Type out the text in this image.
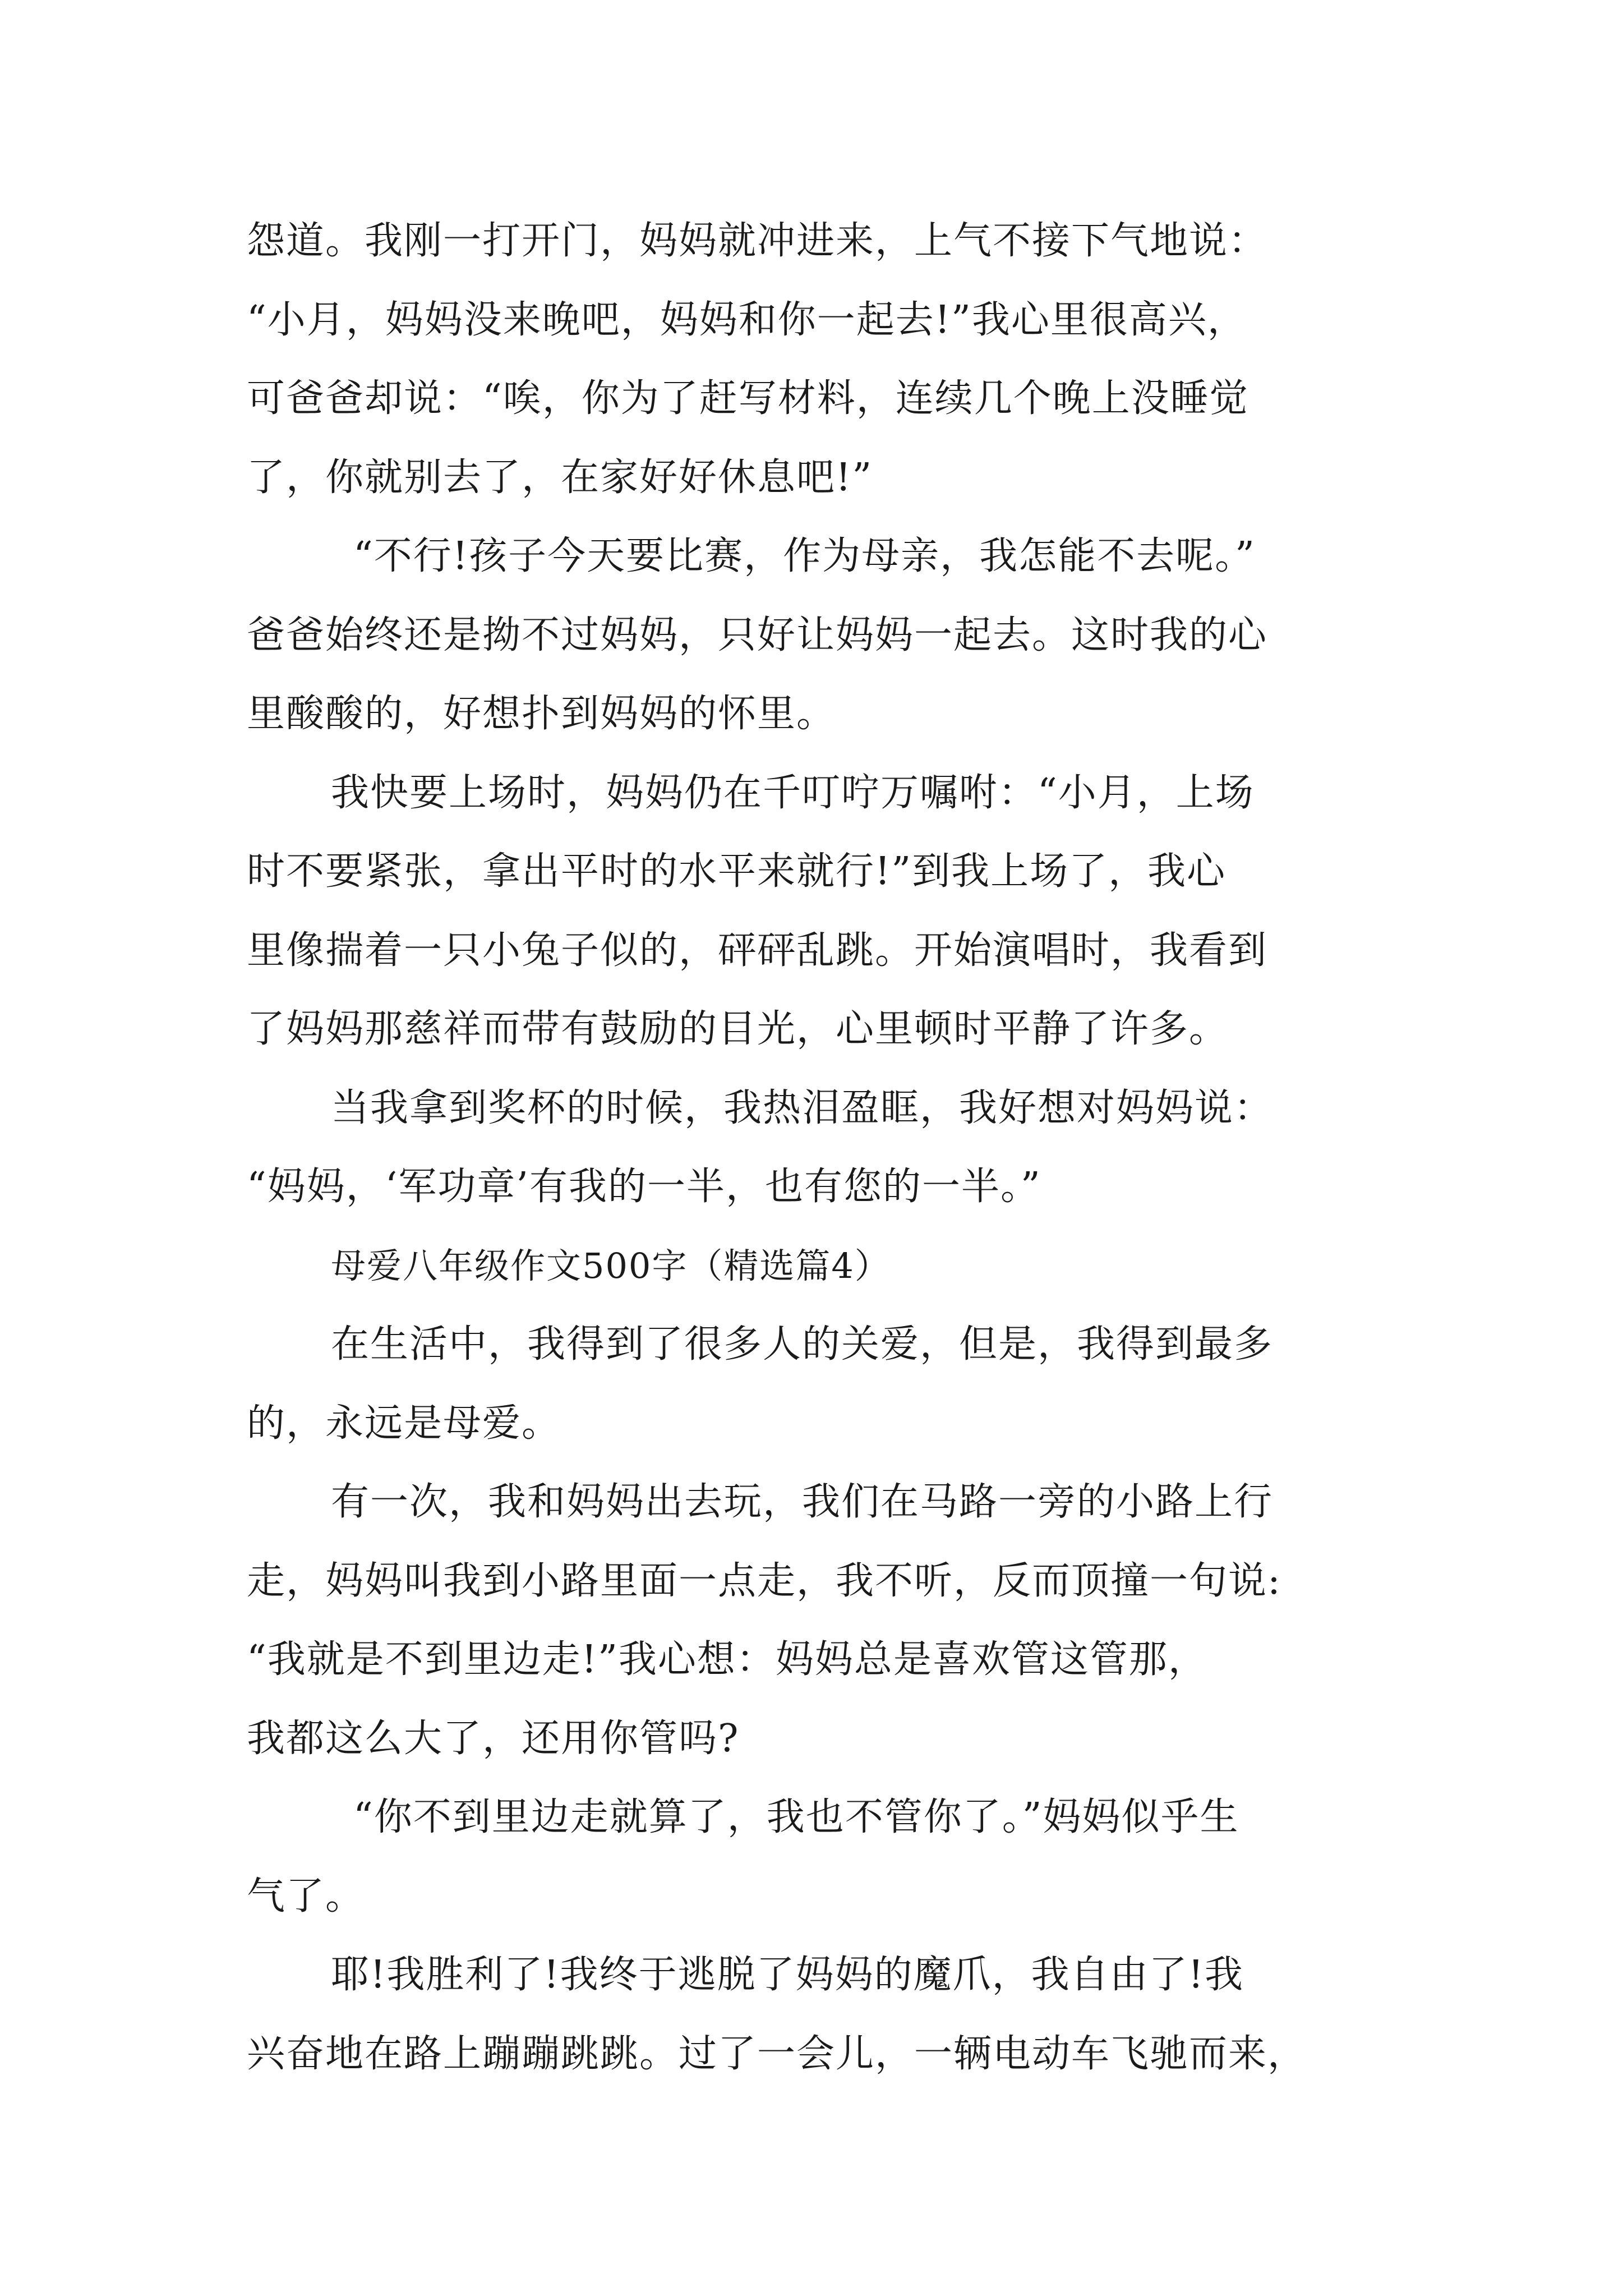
怨道。我刚一打开门，妈妈就冲进来，上气不接下气地说：
“小月，妈妈没来晚吧，妈妈和你一起去!”我心里很高兴，
可爸爸却说：“唉，你为了赶写材料，连续几个晚上没睡觉
了，你就别去了，在家好好休息吧!”
“不行!孩子今天要比赛，作为母亲，我怎能不去呢。”
爸爸始终还是拗不过妈妈，只好让妈妈一起去。这时我的心
里酸酸的，好想扑到妈妈的怀里。
我快要上场时，妈妈仍在千叮咛万嘱咐：“小月，上场
时不要紧张，拿出平时的水平来就行!”到我上场了，我心
里像揣着一只小兔子似的，砰砰乱跳。开始演唱时，我看到
了妈妈那慈祥而带有鼓励的目光，心里顿时平静了许多。
当我拿到奖杯的时候，我热泪盈眶，我好想对妈妈说：
“妈妈，‘军功章’有我的一半，也有您的一半。”
母爱八年级作文500字（精选篇4）
在生活中，我得到了很多人的关爱，但是，我得到最多
的，永远是母爱。
有一次，我和妈妈出去玩，我们在马路一旁的小路上行
走，妈妈叫我到小路里面一点走，我不听，反而顶撞一句说:
“我就是不到里边走!”我心想：妈妈总是喜欢管这管那，
我都这么大了，还用你管吗?
“你不到里边走就算了，我也不管你了。”妈妈似乎生
气了。
耶!我胜利了!我终于逃脱了妈妈的魔爪，我自由了!我
兴奋地在路上蹦蹦跳跳。过了一会儿，一辆电动车飞驰而来，
